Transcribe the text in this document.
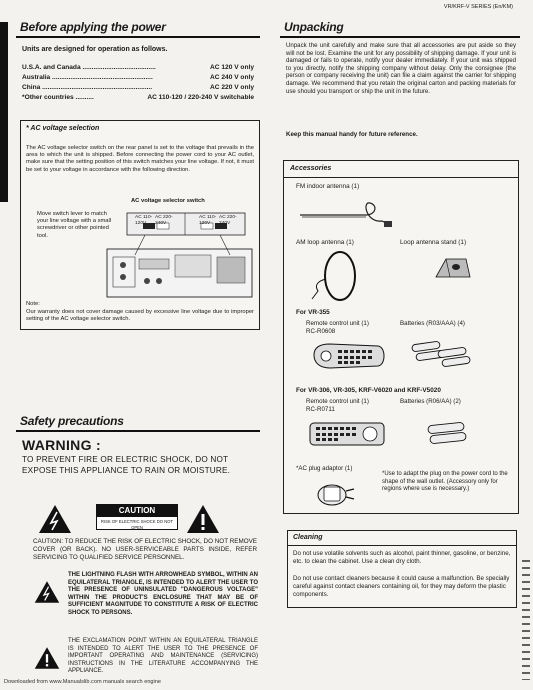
VR/KRF-V SERIES (En/KM)
Before applying the power
Units are designed for operation as follows.
U.S.A. and Canada ........................................	AC 120 V only
Australia .......................................................	AC 240 V only
China ............................................................	AC 220 V only
*Other countries ..........	AC 110-120 / 220-240 V switchable
* AC voltage selection
The AC voltage selector switch on the rear panel is set to the voltage that prevails in the area to which the unit is shipped. Before connecting the power cord to your AC outlet, make sure that the setting position of this switch matches your line voltage. If not, it must be set to your voltage in accordance with the following direction.
AC voltage selector switch
Move switch lever to match your line voltage with a small screwdriver or other pointed tool.
AC 110-120V
AC 220-240V
AC 110-120V
AC 220-240V
Note:
Our warranty does not cover damage caused by excessive line voltage due to improper setting of the AC voltage selector switch.
Safety precautions
WARNING :
TO PREVENT FIRE OR ELECTRIC SHOCK, DO NOT EXPOSE THIS APPLIANCE TO RAIN OR MOISTURE.
CAUTION
RISK OF ELECTRIC SHOCK DO NOT OPEN
CAUTION: TO REDUCE THE RISK OF ELECTRIC SHOCK, DO NOT REMOVE COVER (OR BACK). NO USER-SERVICEABLE PARTS INSIDE, REFER SERVICING TO QUALIFIED SERVICE PERSONNEL.
THE LIGHTNING FLASH WITH ARROWHEAD SYMBOL, WITHIN AN EQUILATERAL TRIANGLE, IS INTENDED TO ALERT THE USER TO THE PRESENCE OF UNINSULATED "DANGEROUS VOLTAGE" WITHIN THE PRODUCT'S ENCLOSURE THAT MAY BE OF SUFFICIENT MAGNITUDE TO CONSTITUTE A RISK OF ELECTRIC SHOCK TO PERSONS.
THE EXCLAMATION POINT WITHIN AN EQUILATERAL TRIANGLE IS INTENDED TO ALERT THE USER TO THE PRESENCE OF IMPORTANT OPERATING AND MAINTENANCE (SERVICING) INSTRUCTIONS IN THE LITERATURE ACCOMPANYING THE APPLIANCE.
Unpacking
Unpack the unit carefully and make sure that all accessories are put aside so they will not be lost. Examine the unit for any possibility of shipping damage. If your unit is damaged or fails to operate, notify your dealer immediately. If your unit was shipped to you directly, notify the shipping company without delay. Only the consignee (the person or company receiving the unit) can file a claim against the carrier for shipping damage. We recommend that you retain the original carton and packing materials for use should you transport or ship the unit in the future.
Keep this manual handy for future reference.
Accessories
FM indoor antenna (1)
AM loop antenna (1)	Loop antenna stand (1)
For VR-355
Remote control unit (1)
RC-R0608
Batteries (R03/AAA) (4)
For VR-306, VR-305, KRF-V6020 and KRF-V5020
Remote control unit (1)
RC-R0711
Batteries (R06/AA) (2)
*AC plug adaptor (1)
*Use to adapt the plug on the power cord to the shape of the wall outlet. (Accessory only for regions where use is necessary.)
Cleaning
Do not use volatile solvents such as alcohol, paint thinner, gasoline, or benzine, etc. to clean the cabinet. Use a clean dry cloth.
Do not use contact cleaners because it could cause a malfunction. Be specially careful against contact cleaners containing oil, for they may deform the plastic components.
Downloaded from www.Manualslib.com manuals search engine
